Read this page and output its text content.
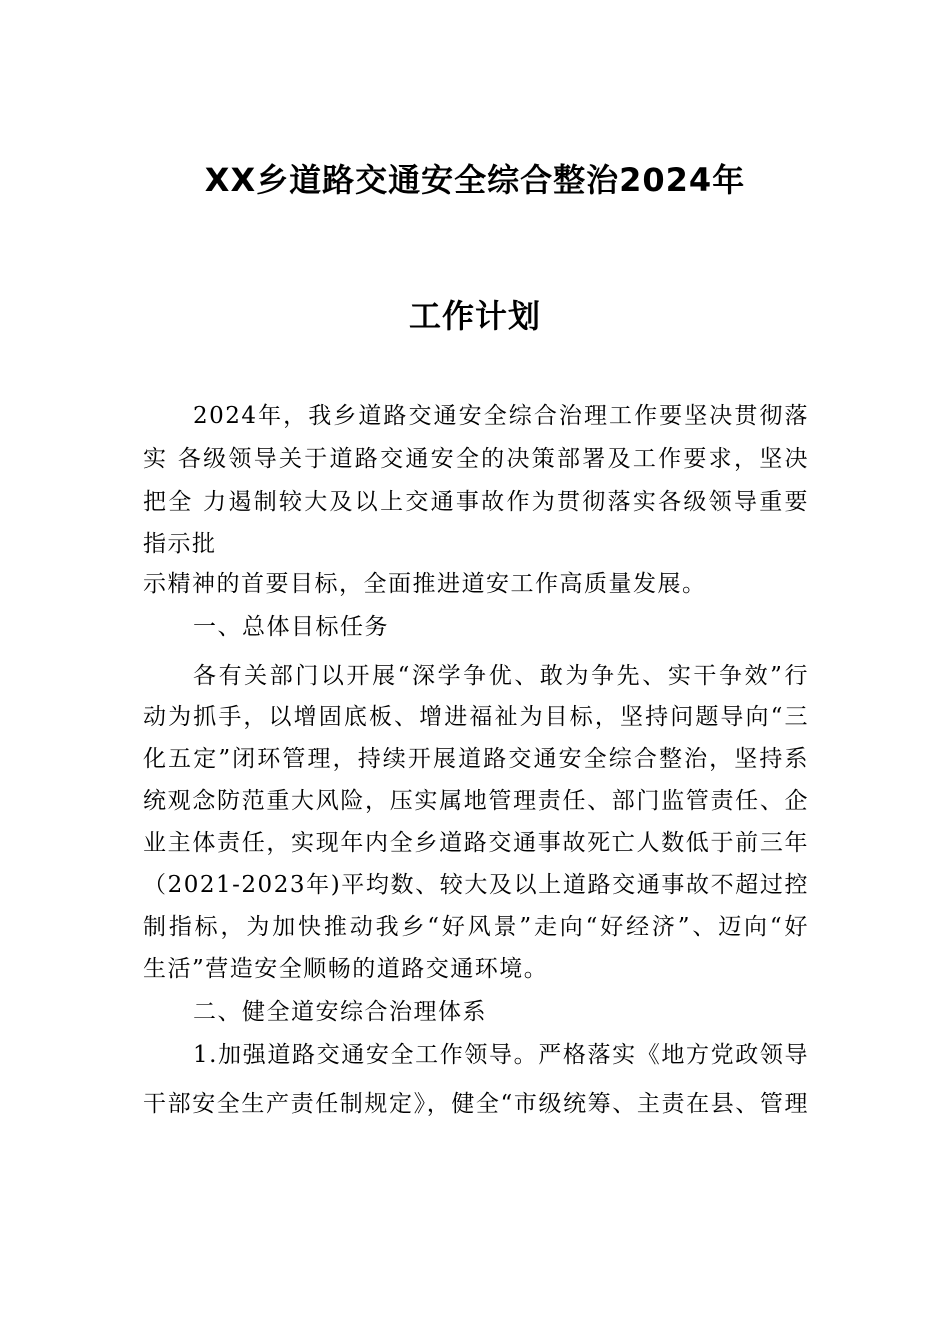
XX乡道路交通安全综合整治2024年
工作计划
2024年，我乡道路交通安全综合治理工作要坚决贯彻落
实 各级领导关于道路交通安全的决策部署及工作要求，坚决
把全 力遏制较大及以上交通事故作为贯彻落实各级领导重要
指示批
示精神的首要目标，全面推进道安工作高质量发展。
一、总体目标任务
各有关部门以开展“深学争优、敢为争先、实干争效”行
动为抓手，以增固底板、增进福祉为目标，坚持问题导向“三
化五定”闭环管理，持续开展道路交通安全综合整治，坚持系
统观念防范重大风险，压实属地管理责任、部门监管责任、企
业主体责任，实现年内全乡道路交通事故死亡人数低于前三年
（2021-2023年)平均数、较大及以上道路交通事故不超过控
制指标，为加快推动我乡“好风景”走向“好经济”、迈向“好
生活”营造安全顺畅的道路交通环境。
二、健全道安综合治理体系
1.加强道路交通安全工作领导。严格落实《地方党政领导
干部安全生产责任制规定》，健全“市级统筹、主责在县、管理
